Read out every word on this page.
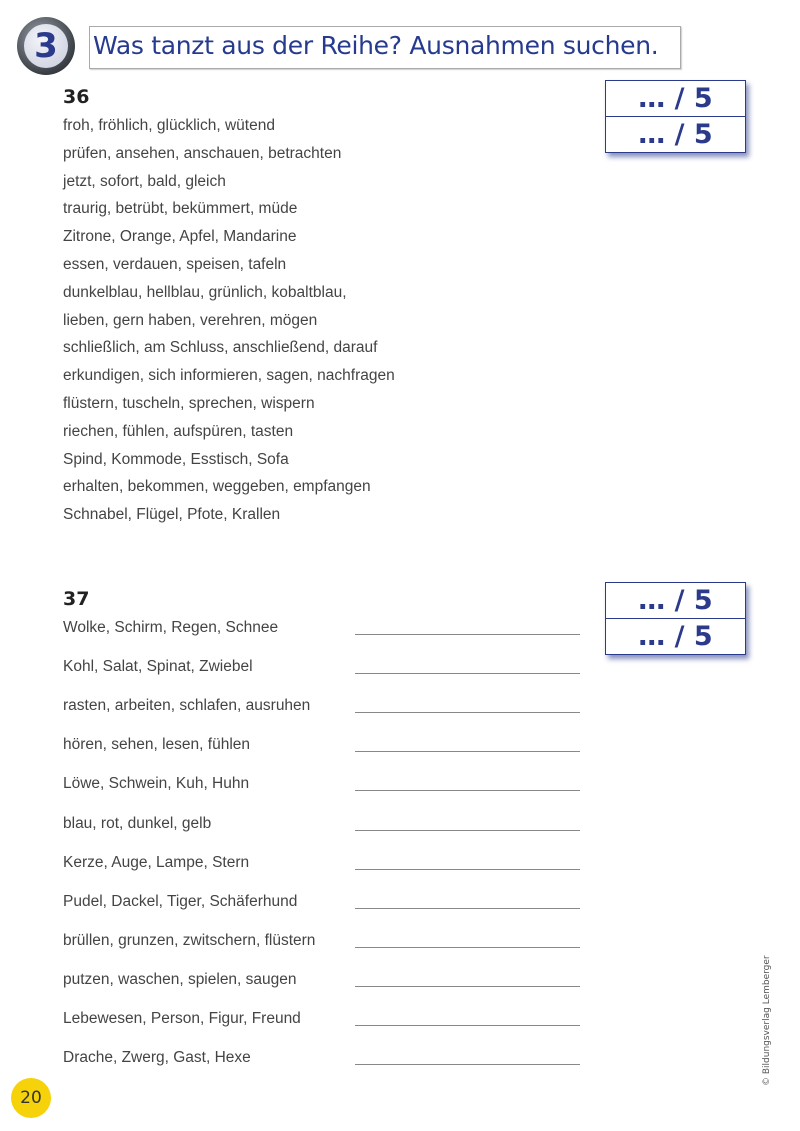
3	Was tanzt aus der Reihe? Ausnahmen suchen.
36
froh, fröhlich, glücklich, wütend
prüfen, ansehen, anschauen, betrachten
jetzt, sofort, bald, gleich
traurig, betrübt, bekümmert, müde
Zitrone, Orange, Apfel, Mandarine
essen, verdauen, speisen, tafeln
dunkelblau, hellblau, grünlich, kobaltblau,
lieben, gern haben, verehren, mögen
schließlich, am Schluss, anschließend, darauf
erkundigen, sich informieren, sagen, nachfragen
flüstern, tuscheln, sprechen, wispern
riechen, fühlen, aufspüren, tasten
Spind, Kommode, Esstisch, Sofa
erhalten, bekommen, weggeben, empfangen
Schnabel, Flügel, Pfote, Krallen
… / 5
… / 5
37
Wolke, Schirm, Regen, Schnee
Kohl, Salat, Spinat, Zwiebel
rasten, arbeiten, schlafen, ausruhen
hören, sehen, lesen, fühlen
Löwe, Schwein, Kuh, Huhn
blau, rot, dunkel, gelb
Kerze, Auge, Lampe, Stern
Pudel, Dackel, Tiger, Schäferhund
brüllen, grunzen, zwitschern, flüstern
putzen, waschen, spielen, saugen
Lebewesen, Person, Figur, Freund
Drache, Zwerg, Gast, Hexe
… / 5
… / 5
20
© Bildungsverlag Lemberger
